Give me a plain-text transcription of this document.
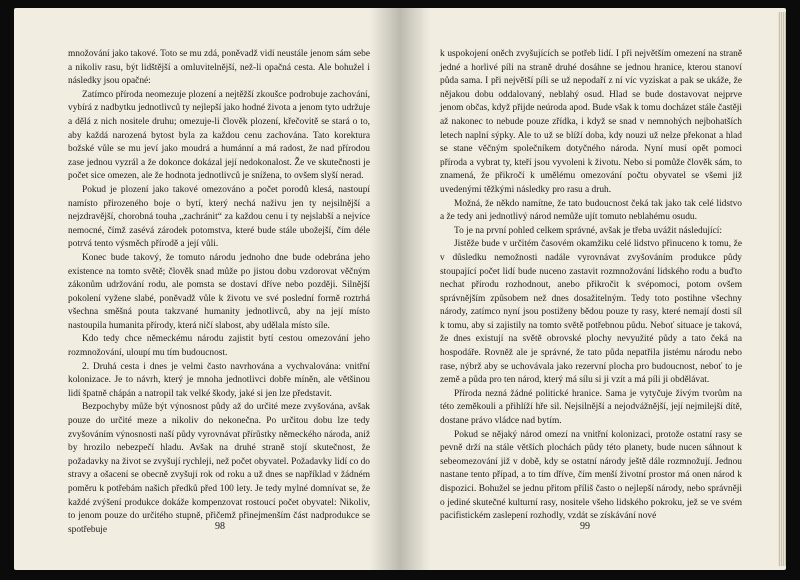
množování jako takové. Toto se mu zdá, poněvadž vidí neustále jenom sám sebe a nikoliv rasu, být lidštější a omluvitelnější, než-li opačná cesta. Ale bohužel i následky jsou opačné:

Zatímco příroda neomezuje plození a nejtěžší zkoušce podrobuje zachování, vybírá z nadbytku jednotlivců ty nejlepší jako hodné života a jenom tyto udržuje a dělá z nich nositele druhu; omezuje-li člověk plození, křečovitě se stará o to, aby každá narozená bytost byla za každou cenu zachována. Tato korektura božské vůle se mu jeví jako moudrá a humánní a má radost, že nad přírodou zase jednou vyzrál a že dokonce dokázal její nedokonalost. Že ve skutečnosti je počet sice omezen, ale že hodnota jednotlivců je snížena, to ovšem slyší nerad.

Pokud je plození jako takové omezováno a počet porodů klesá, nastoupí namísto přirozeného boje o bytí, který nechá naživu jen ty nejsilnější a nejzdravější, chorobná touha „zachránit“ za každou cenu i ty nejslabší a nejvíce nemocné, čímž zasévá zárodek potomstva, které bude stále ubožejší, čím déle potrvá tento výsměch přírodě a její vůli.

Konec bude takový, že tomuto národu jednoho dne bude odebrána jeho existence na tomto světě; člověk snad může po jistou dobu vzdorovat věčným zákonům udržování rodu, ale pomsta se dostaví dříve nebo později. Silnější pokolení vyžene slabé, poněvadž vůle k životu ve své poslední formě roztrhá všechna směšná pouta takzvané humanity jednotlivců, aby na její místo nastoupila humanita přírody, která ničí slabost, aby udělala místo síle.

Kdo tedy chce německému národu zajistit bytí cestou omezování jeho rozmnožování, uloupí mu tím budoucnost.

2. Druhá cesta i dnes je velmi často navrhována a vychvalována: vnitřní kolonizace. Je to návrh, který je mnoha jednotlivci dobře míněn, ale většinou lidí špatně chápán a natropil tak velké škody, jaké si jen lze představit.

Bezpochyby může být výnosnost půdy až do určité meze zvyšována, avšak pouze do určité meze a nikoliv do nekonečna. Po určitou dobu lze tedy zvyšováním výnosnosti naší půdy vyrovnávat přírůstky německého národa, aniž by hrozilo nebezpečí hladu. Avšak na druhé straně stojí skutečnost, že požadavky na život se zvyšují rychleji, než počet obyvatel. Požadavky lidí co do stravy a ošacení se obecně zvyšují rok od roku a už dnes se například v žádném poměru k potřebám našich předků před 100 lety. Je tedy mylné domnívat se, že každé zvýšení produkce dokáže kompenzovat rostoucí počet obyvatel: Nikoliv, to jenom pouze do určitého stupně, přičemž přinejmenším část nadprodukce se spotřebuje	98

k uspokojení oněch zvyšujících se potřeb lidí. I při největším omezení na straně jedné a horlivé píli na straně druhé dosáhne se jednou hranice, kterou stanoví půda sama. I při největší píli se už nepodaří z ní víc vyziskat a pak se ukáže, že nějakou dobu oddalovaný, neblahý osud. Hlad se bude dostavovat nejprve jenom občas, když přijde neúroda apod. Bude však k tomu docházet stále častěji až nakonec to nebude pouze zřídka, i když se snad v nemnohých nejbohatších letech naplní sýpky. Ale to už se blíží doba, kdy nouzi už nelze překonat a hlad se stane věčným společníkem dotyčného národa. Nyní musí opět pomoci příroda a vybrat ty, kteří jsou vyvoleni k životu. Nebo si pomůže člověk sám, to znamená, že přikročí k umělému omezování počtu obyvatel se všemi již uvedenými těžkými následky pro rasu a druh.

Možná, že někdo namítne, že tato budoucnost čeká tak jako tak celé lidstvo a že tedy ani jednotlivý národ nemůže ujít tomuto neblahému osudu.

To je na první pohled celkem správné, avšak je třeba uvážit následující:

Jistěže bude v určitém časovém okamžiku celé lidstvo přinuceno k tomu, že v důsledku nemožnosti nadále vyrovnávat zvyšováním produkce půdy stoupající počet lidí bude nuceno zastavit rozmnožování lidského rodu a buďto nechat přírodu rozhodnout, anebo přikročit k svépomoci, potom ovšem správnějším způsobem než dnes dosažitelným. Tedy toto postihne všechny národy, zatímco nyní jsou postiženy bědou pouze ty rasy, které nemají dosti síl k tomu, aby si zajistily na tomto světě potřebnou půdu. Neboť situace je taková, že dnes existují na světě obrovské plochy nevyužité půdy a tato čeká na hospodáře. Rovněž ale je správné, že tato půda nepatřila jistému národu nebo rase, nýbrž aby se uchovávala jako rezervní plocha pro budoucnost, neboť to je země a půda pro ten národ, který má sílu si ji vzít a má píli ji obdělávat.

Příroda nezná žádné politické hranice. Sama je vytyčuje živým tvorům na této zeměkouli a přihlíží hře sil. Nejsilnější a nejodvážnější, její nejmilejší dítě, dostane právo vládce nad bytím.

Pokud se nějaký národ omezí na vnitřní kolonizaci, protože ostatní rasy se pevně drží na stále větších plochách půdy této planety, bude nucen sáhnout k sebeomezování již v době, kdy se ostatní národy ještě dále rozmnožují. Jednou nastane tento případ, a to tím dříve, čím menší životní prostor má onen národ k dispozici. Bohužel se jednu přitom příliš často o nejlepší národy, nebo správněji o jediné skutečné kulturní rasy, nositele všeho lidského pokroku, jež se ve svém pacifistickém zaslepení rozhodly, vzdát se získávání nové

99
